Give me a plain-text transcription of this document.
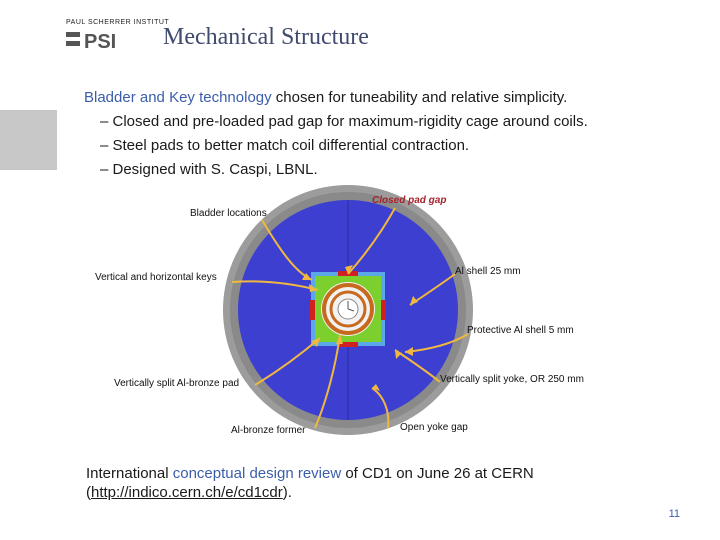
PAUL SCHERRER INSTITUT
PSI Mechanical Structure
Bladder and Key technology chosen for tuneability and relative simplicity.
– Closed and pre-loaded pad gap for maximum-rigidity cage around coils.
– Steel pads to better match coil differential contraction.
– Designed with S. Caspi, LBNL.
Closed pad gap
Bladder locations
Vertical and horizontal keys
Al shell 25 mm
Protective Al shell 5 mm
Vertically split yoke, OR 250 mm
Vertically split Al-bronze pad
Open yoke gap
Al-bronze former
International conceptual design review of CD1 on June 26 at CERN
(http://indico.cern.ch/e/cd1cdr).
11
